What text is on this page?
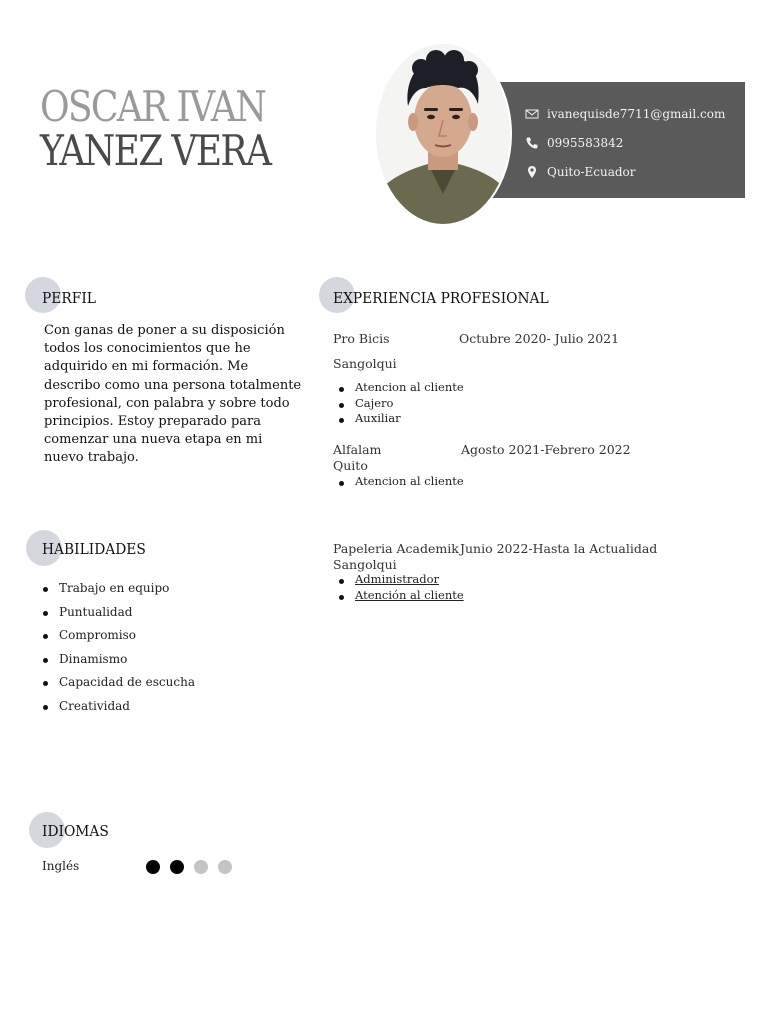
OSCAR IVAN
YANEZ VERA
ivanequisde7711@gmail.com
0995583842
Quito-Ecuador
PERFIL
Con ganas de poner a su disposición todos los conocimientos que he adquirido en mi formación. Me describo como una persona totalmente profesional, con palabra y sobre todo principios. Estoy preparado para comenzar una nueva etapa en mi nuevo trabajo.
HABILIDADES
Trabajo en equipo
Puntualidad
Compromiso
Dinamismo
Capacidad de escucha
Creatividad
EXPERIENCIA PROFESIONAL
Pro Bicis	Octubre 2020- Julio 2021
Sangolqui
Atencion al cliente
Cajero
Auxiliar
Alfalam	Agosto 2021-Febrero 2022
Quito
Atencion al cliente
Papeleria Academik Junio 2022-Hasta la Actualidad
Sangolqui
Administrador
Atención al cliente
IDIOMAS
Inglés
